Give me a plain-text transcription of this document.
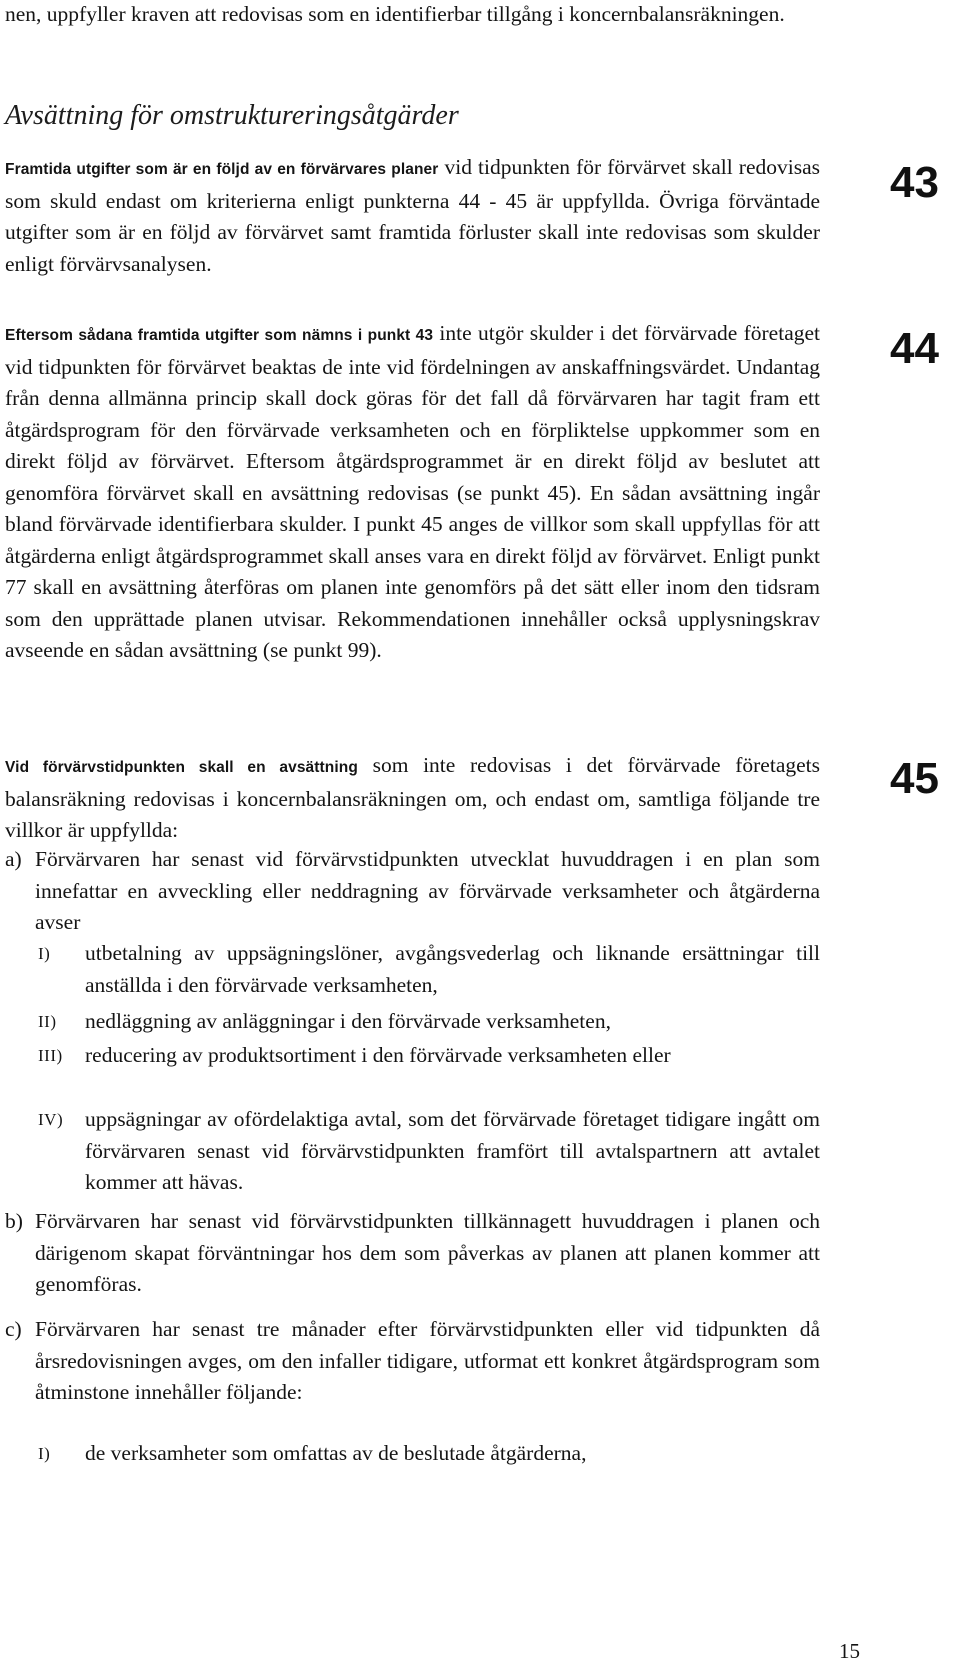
nen, uppfyller kraven att redovisas som en identifierbar tillgång i koncernbalansräkningen.

Avsättning för omstruktureringsåtgärder

Framtida utgifter som är en följd av en förvärvares planer vid tidpunkten för förvärvet skall redovisas som skuld endast om kriterierna enligt punkterna 44 - 45 är uppfyllda. Övriga förväntade utgifter som är en följd av förvärvet samt framtida förluster skall inte redovisas som skulder enligt förvärvsanalysen.

43

Eftersom sådana framtida utgifter som nämns i punkt 43 inte utgör skulder i det förvärvade företaget vid tidpunkten för förvärvet beaktas de inte vid fördelningen av anskaffningsvärdet. Undantag från denna allmänna princip skall dock göras för det fall då förvärvaren har tagit fram ett åtgärdsprogram för den förvärvade verksamheten och en förpliktelse uppkommer som en direkt följd av förvärvet. Eftersom åtgärdsprogrammet är en direkt följd av beslutet att genomföra förvärvet skall en avsättning redovisas (se punkt 45). En sådan avsättning ingår bland förvärvade identifierbara skulder. I punkt 45 anges de villkor som skall uppfyllas för att åtgärderna enligt åtgärdsprogrammet skall anses vara en direkt följd av förvärvet. Enligt punkt 77 skall en avsättning återföras om planen inte genomförs på det sätt eller inom den tidsram som den upprättade planen utvisar. Rekommendationen innehåller också upplysningskrav avseende en sådan avsättning (se punkt 99).

44

Vid förvärvstidpunkten skall en avsättning som inte redovisas i det förvärvade företagets balansräkning redovisas i koncernbalansräkningen om, och endast om, samtliga följande tre villkor är uppfyllda:

45
a) Förvärvaren har senast vid förvärvstidpunkten utvecklat huvuddragen i en plan som innefattar en avveckling eller neddragning av förvärvade verksamheter och åtgärderna avser
I)	utbetalning av uppsägningslöner, avgångsvederlag och liknande ersättningar till anställda i den förvärvade verksamheten,
II)	nedläggning av anläggningar i den förvärvade verksamheten,
III)	reducering av produktsortiment i den förvärvade verksamheten eller
IV)	uppsägningar av ofördelaktiga avtal, som det förvärvade företaget tidigare ingått om förvärvaren senast vid förvärvstidpunkten framfört till avtalspartnern att avtalet kommer att hävas.
b) Förvärvaren har senast vid förvärvstidpunkten tillkännagett huvuddragen i planen och därigenom skapat förväntningar hos dem som påverkas av planen att planen kommer att genomföras.
c) Förvärvaren har senast tre månader efter förvärvstidpunkten eller vid tidpunkten då årsredovisningen avges, om den infaller tidigare, utformat ett konkret åtgärdsprogram som åtminstone innehåller följande:
I)	de verksamheter som omfattas av de beslutade åtgärderna,
15
